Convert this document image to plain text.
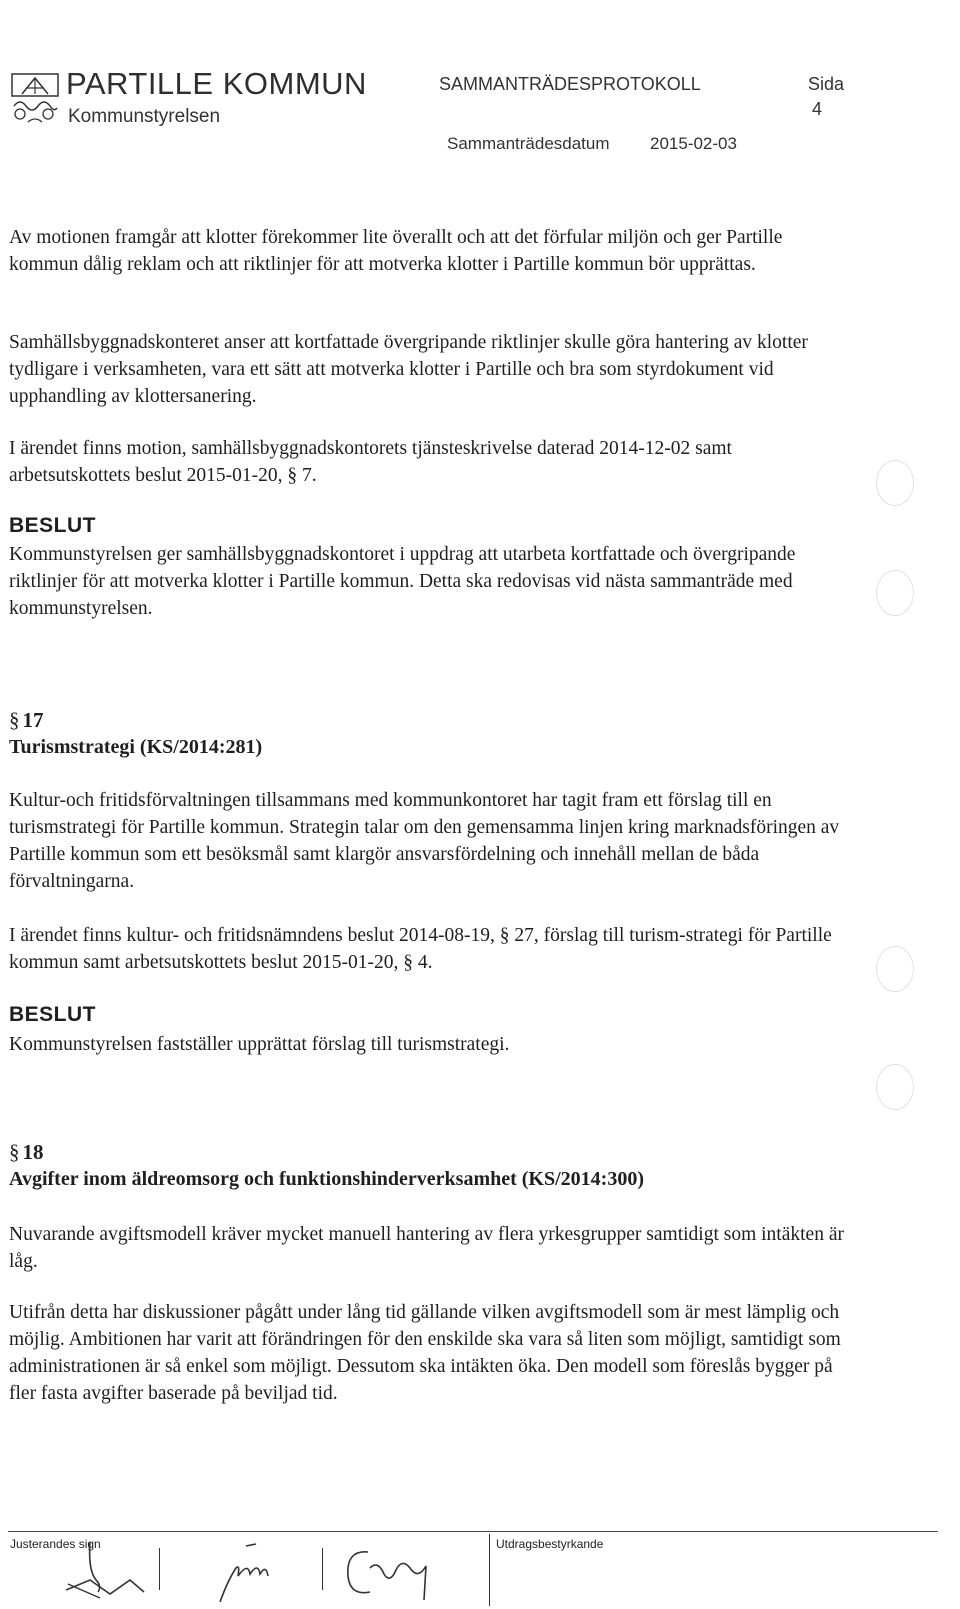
PARTILLE KOMMUN
Kommunstyrelsen
SAMMANTRÄDESPROTOKOLL	Sida
4
Sammanträdesdatum 2015-02-03
Av motionen framgår att klotter förekommer lite överallt och att det förfular miljön och ger Partille kommun dålig reklam och att riktlinjer för att motverka klotter i Partille kommun bör upprättas.
Samhällsbyggnadskonteret anser att kortfattade övergripande riktlinjer skulle göra hantering av klotter tydligare i verksamheten, vara ett sätt att motverka klotter i Partille och bra som styrdokument vid upphandling av klottersanering.
I ärendet finns motion, samhällsbyggnadskontorets tjänsteskrivelse daterad 2014-12-02 samt arbetsutskottets beslut 2015-01-20, § 7.
BESLUT
Kommunstyrelsen ger samhällsbyggnadskontoret i uppdrag att utarbeta kortfattade och övergripande riktlinjer för att motverka klotter i Partille kommun. Detta ska redovisas vid nästa sammanträde med kommunstyrelsen.
§ 17
Turismstrategi (KS/2014:281)
Kultur-och fritidsförvaltningen tillsammans med kommunkontoret har tagit fram ett förslag till en turismstrategi för Partille kommun. Strategin talar om den gemensamma linjen kring marknadsföringen av Partille kommun som ett besöksmål samt klargör ansvarsfördelning och innehåll mellan de båda förvaltningarna.
I ärendet finns kultur- och fritidsnämndens beslut 2014-08-19, § 27, förslag till turism-strategi för Partille kommun samt arbetsutskottets beslut 2015-01-20, § 4.
BESLUT
Kommunstyrelsen fastställer upprättat förslag till turismstrategi.
§ 18
Avgifter inom äldreomsorg och funktionshinderverksamhet (KS/2014:300)
Nuvarande avgiftsmodell kräver mycket manuell hantering av flera yrkesgrupper samtidigt som intäkten är låg.
Utifrån detta har diskussioner pågått under lång tid gällande vilken avgiftsmodell som är mest lämplig och möjlig. Ambitionen har varit att förändringen för den enskilde ska vara så liten som möjligt, samtidigt som administrationen är så enkel som möjligt. Dessutom ska intäkten öka. Den modell som föreslås bygger på fler fasta avgifter baserade på beviljad tid.
Justerandes sign	Utdragsbestyrkande
